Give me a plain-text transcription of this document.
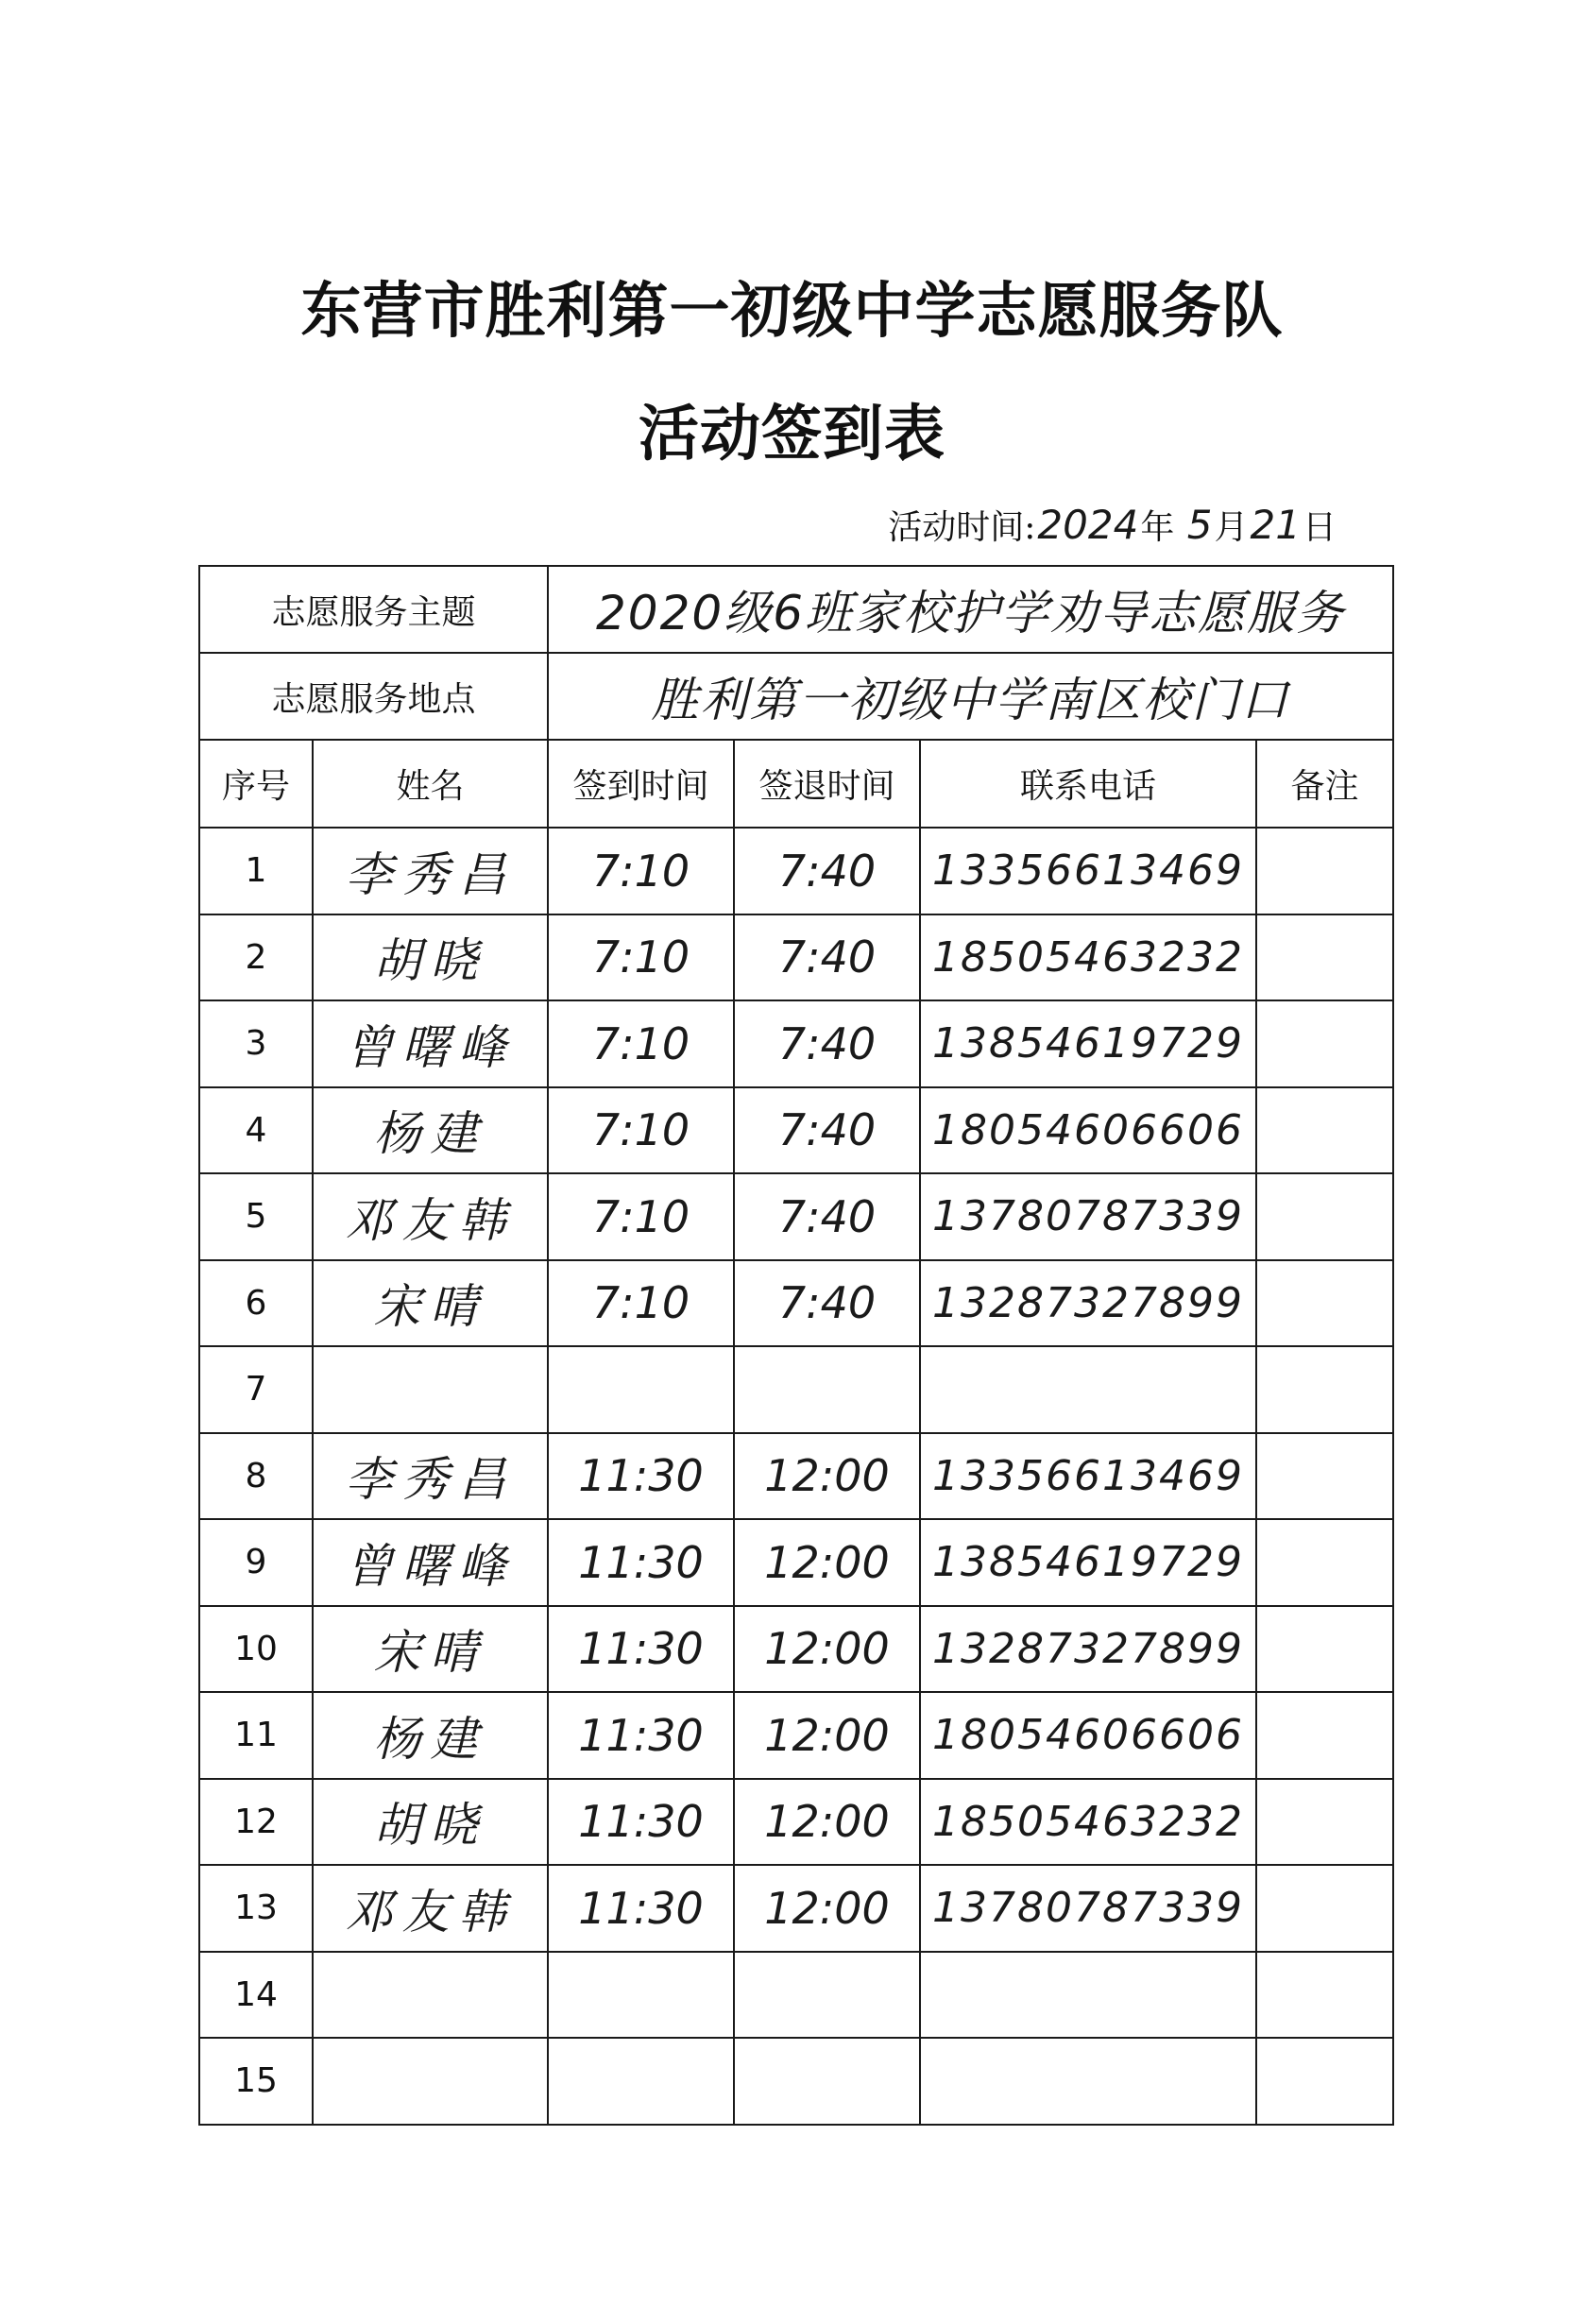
东营市胜利第一初级中学志愿服务队
活动签到表
活动时间:2024年 5月21日
志愿服务主题		2020级6班家校护学劝导志愿服务			
志愿服务地点		胜利第一初级中学南区校门口			
序号	姓名	签到时间	签退时间	联系电话	备注
1	李秀昌	7:10	7:40	13356613469	
2	胡晓	7:10	7:40	18505463232	
3	曾曙峰	7:10	7:40	13854619729	
4	杨建	7:10	7:40	18054606606	
5	邓友韩	7:10	7:40	13780787339	
6	宋晴	7:10	7:40	13287327899	
7					
8	李秀昌	11:30	12:00	13356613469	
9	曾曙峰	11:30	12:00	13854619729	
10	宋晴	11:30	12:00	13287327899	
11	杨建	11:30	12:00	18054606606	
12	胡晓	11:30	12:00	18505463232	
13	邓友韩	11:30	12:00	13780787339	
14					
15					
